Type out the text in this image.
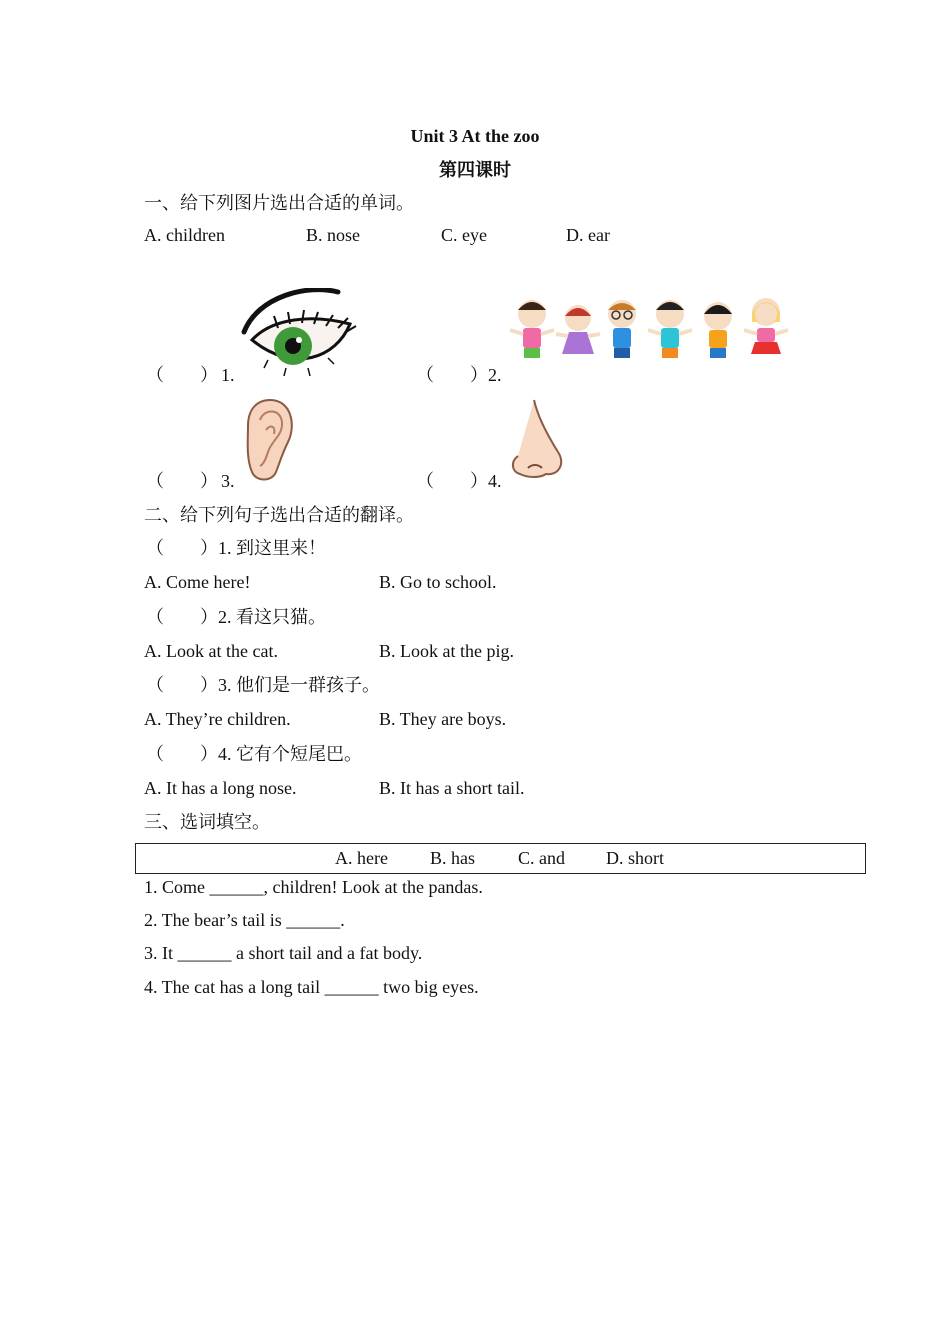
Unit 3 At the zoo
第四课时
一、给下列图片选出合适的单词。
A. children	B. nose	C. eye	D. ear
（　　） 1.	（　　） 2.
（　　） 3.	（　　） 4.
二、给下列句子选出合适的翻译。
（　　）1. 到这里来！
A. Come here!	B. Go to school.
（　　）2. 看这只猫。
A. Look at the cat.	B. Look at the pig.
（　　）3. 他们是一群孩子。
A. They’re children.	B. They are boys.
（　　）4. 它有个短尾巴。
A. It has a long nose.	B. It has a short tail.
三、选词填空。
A. here B. has C. and D. short
1. Come ______, children! Look at the pandas.
2. The bear’s tail is ______.
3. It ______ a short tail and a fat body.
4. The cat has a long tail ______ two big eyes.
